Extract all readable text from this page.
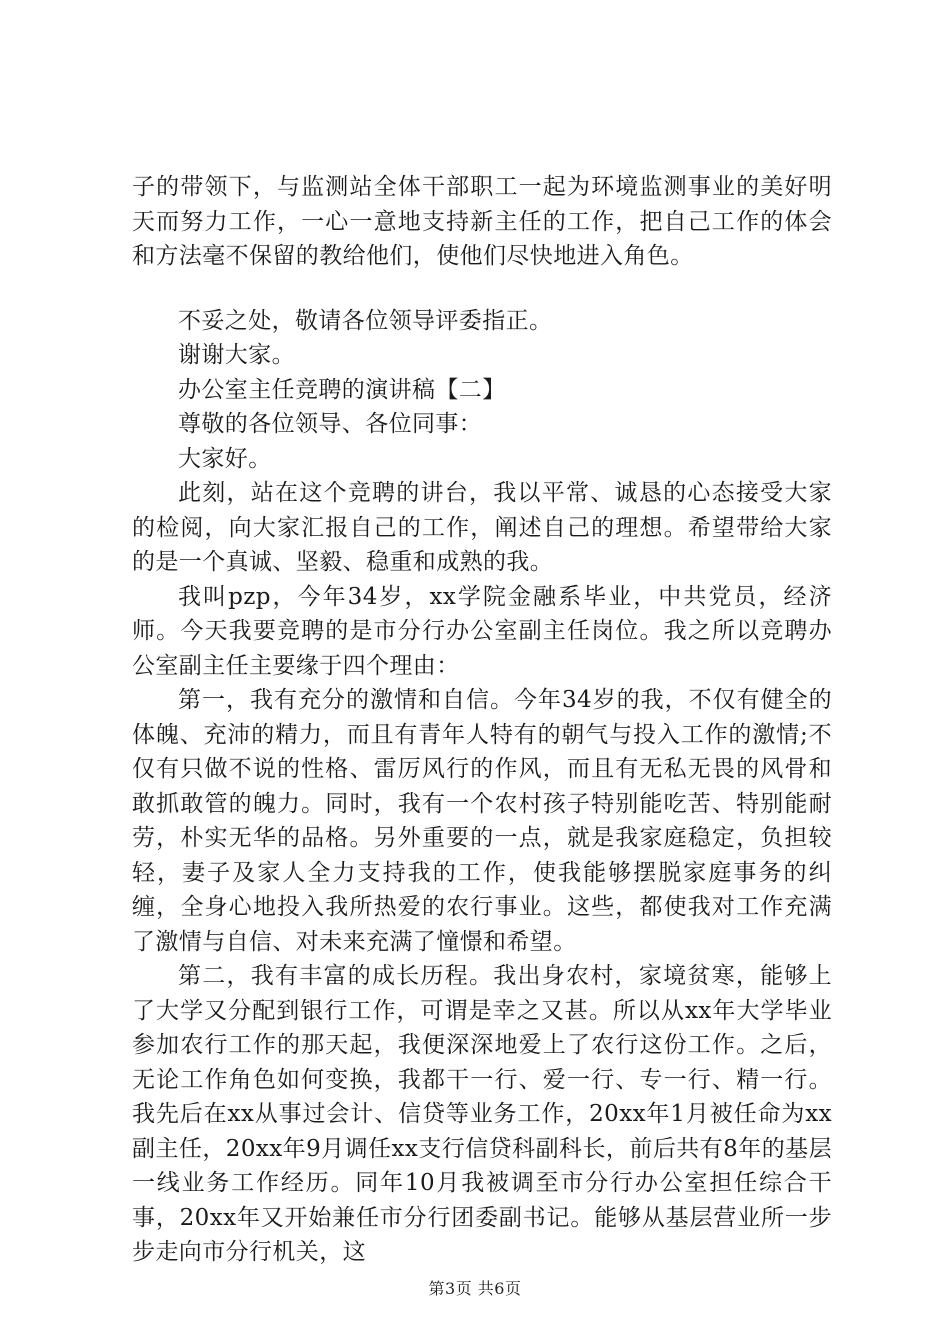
子的带领下，与监测站全体干部职工一起为环境监测事业的美好明天而努力工作，一心一意地支持新主任的工作，把自己工作的体会和方法毫不保留的教给他们，使他们尽快地进入角色。

不妥之处，敬请各位领导评委指正。

谢谢大家。

办公室主任竞聘的演讲稿【二】

尊敬的各位领导、各位同事：

大家好。

此刻，站在这个竞聘的讲台，我以平常、诚恳的心态接受大家的检阅，向大家汇报自己的工作，阐述自己的理想。希望带给大家的是一个真诚、坚毅、稳重和成熟的我。

我叫pzp，今年34岁，xx学院金融系毕业，中共党员，经济师。今天我要竞聘的是市分行办公室副主任岗位。我之所以竞聘办公室副主任主要缘于四个理由：

第一，我有充分的激情和自信。今年34岁的我，不仅有健全的体魄、充沛的精力，而且有青年人特有的朝气与投入工作的激情;不仅有只做不说的性格、雷厉风行的作风，而且有无私无畏的风骨和敢抓敢管的魄力。同时，我有一个农村孩子特别能吃苦、特别能耐劳，朴实无华的品格。另外重要的一点，就是我家庭稳定，负担较轻，妻子及家人全力支持我的工作，使我能够摆脱家庭事务的纠缠，全身心地投入我所热爱的农行事业。这些，都使我对工作充满了激情与自信、对未来充满了憧憬和希望。

第二，我有丰富的成长历程。我出身农村，家境贫寒，能够上了大学又分配到银行工作，可谓是幸之又甚。所以从xx年大学毕业参加农行工作的那天起，我便深深地爱上了农行这份工作。之后，无论工作角色如何变换，我都干一行、爱一行、专一行、精一行。我先后在xx从事过会计、信贷等业务工作，20xx年1月被任命为xx副主任，20xx年9月调任xx支行信贷科副科长，前后共有8年的基层一线业务工作经历。同年10月我被调至市分行办公室担任综合干事，20xx年又开始兼任市分行团委副书记。能够从基层营业所一步步走向市分行机关，这

第3页 共6页
